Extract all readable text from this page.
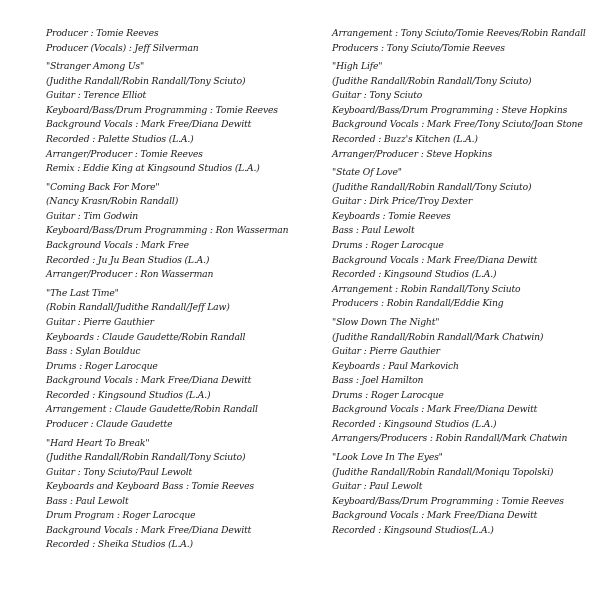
Producer : Tomie Reeves
Producer (Vocals) : Jeff Silverman
"Stranger Among Us"
(Judithe Randall/Robin Randall/Tony Sciuto)
Guitar : Terence Elliot
Keyboard/Bass/Drum Programming : Tomie Reeves
Background Vocals : Mark Free/Diana Dewitt
Recorded : Palette Studios (L.A.)
Arranger/Producer : Tomie Reeves
Remix : Eddie King at Kingsound Studios (L.A.)
"Coming Back For More"
(Nancy Krasn/Robin Randall)
Guitar : Tim Godwin
Keyboard/Bass/Drum Programming : Ron Wasserman
Background Vocals : Mark Free
Recorded : Ju Ju Bean Studios (L.A.)
Arranger/Producer : Ron Wasserman
"The Last Time"
(Robin Randall/Judithe Randall/Jeff Law)
Guitar : Pierre Gauthier
Keyboards : Claude Gaudette/Robin Randall
Bass : Sylan Boulduc
Drums : Roger Larocque
Background Vocals : Mark Free/Diana Dewitt
Recorded : Kingsound Studios (L.A.)
Arrangement : Claude Gaudette/Robin Randall
Producer : Claude Gaudette
"Hard Heart To Break"
(Judithe Randall/Robin Randall/Tony Sciuto)
Guitar : Tony Sciuto/Paul Lewolt
Keyboards and Keyboard Bass : Tomie Reeves
Bass : Paul Lewolt
Drum Program : Roger Larocque
Background Vocals : Mark Free/Diana Dewitt
Recorded : Sheika Studios (L.A.)
Arrangement : Tony Sciuto/Tomie Reeves/Robin Randall
Producers : Tony Sciuto/Tomie Reeves
"High Life"
(Judithe Randall/Robin Randall/Tony Sciuto)
Guitar : Tony Sciuto
Keyboard/Bass/Drum Programming : Steve Hopkins
Background Vocals : Mark Free/Tony Sciuto/Joan Stone
Recorded : Buzz's Kitchen (L.A.)
Arranger/Producer : Steve Hopkins
"State Of Love"
(Judithe Randall/Robin Randall/Tony Sciuto)
Guitar : Dirk Price/Troy Dexter
Keyboards : Tomie Reeves
Bass : Paul Lewolt
Drums : Roger Larocque
Background Vocals : Mark Free/Diana Dewitt
Recorded : Kingsound Studios (L.A.)
Arrangement : Robin Randall/Tony Sciuto
Producers : Robin Randall/Eddie King
"Slow Down The Night"
(Judithe Randall/Robin Randall/Mark Chatwin)
Guitar : Pierre Gauthier
Keyboards : Paul Markovich
Bass : Joel Hamilton
Drums : Roger Larocque
Background Vocals : Mark Free/Diana Dewitt
Recorded : Kingsound Studios (L.A.)
Arrangers/Producers : Robin Randall/Mark Chatwin
"Look Love In The Eyes"
(Judithe Randall/Robin Randall/Moniqu Topolski)
Guitar : Paul Lewolt
Keyboard/Bass/Drum Programming : Tomie Reeves
Background Vocals : Mark Free/Diana Dewitt
Recorded : Kingsound Studios(L.A.)
